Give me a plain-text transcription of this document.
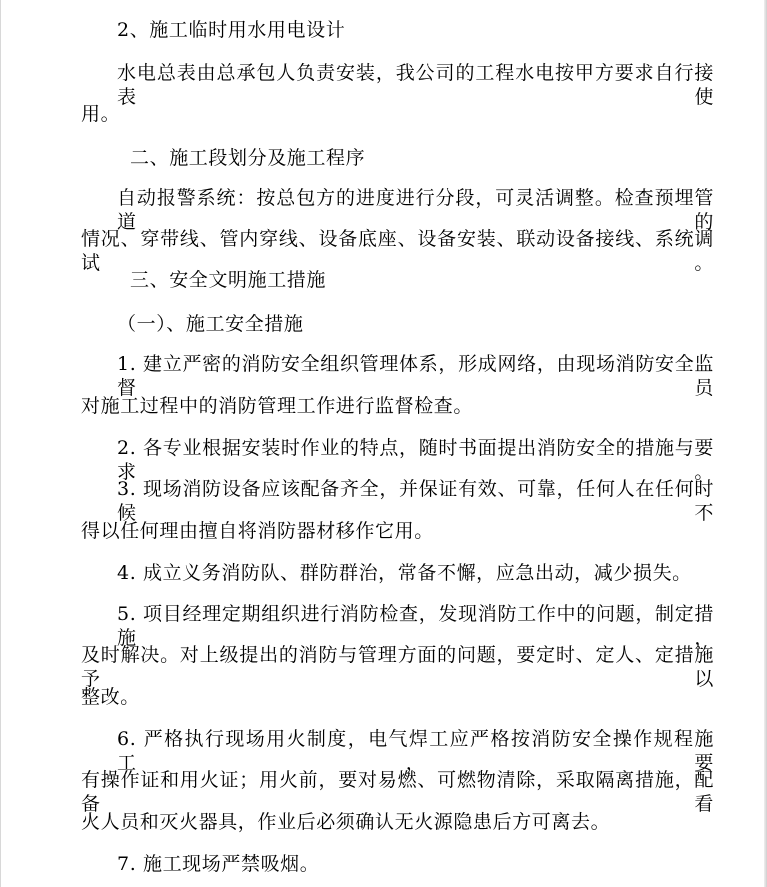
2、施工临时用水用电设计
水电总表由总承包人负责安装，我公司的工程水电按甲方要求自行接表使
用。
二、施工段划分及施工程序
自动报警系统：按总包方的进度进行分段，可灵活调整。检查预埋管道的
情况、穿带线、管内穿线、设备底座、设备安装、联动设备接线、系统调试。
三、安全文明施工措施
（一）、施工安全措施
1. 建立严密的消防安全组织管理体系，形成网络，由现场消防安全监督员
对施工过程中的消防管理工作进行监督检查。
2. 各专业根据安装时作业的特点，随时书面提出消防安全的措施与要求。
3. 现场消防设备应该配备齐全，并保证有效、可靠，任何人在任何时候不
得以任何理由擅自将消防器材移作它用。
4. 成立义务消防队、群防群治，常备不懈，应急出动，减少损失。
5. 项目经理定期组织进行消防检查，发现消防工作中的问题，制定措施，
及时解决。对上级提出的消防与管理方面的问题，要定时、定人、定措施予以
整改。
6. 严格执行现场用火制度，电气焊工应严格按消防安全操作规程施工，要
有操作证和用火证；用火前，要对易燃、可燃物清除，采取隔离措施，配备看
火人员和灭火器具，作业后必须确认无火源隐患后方可离去。
7. 施工现场严禁吸烟。
